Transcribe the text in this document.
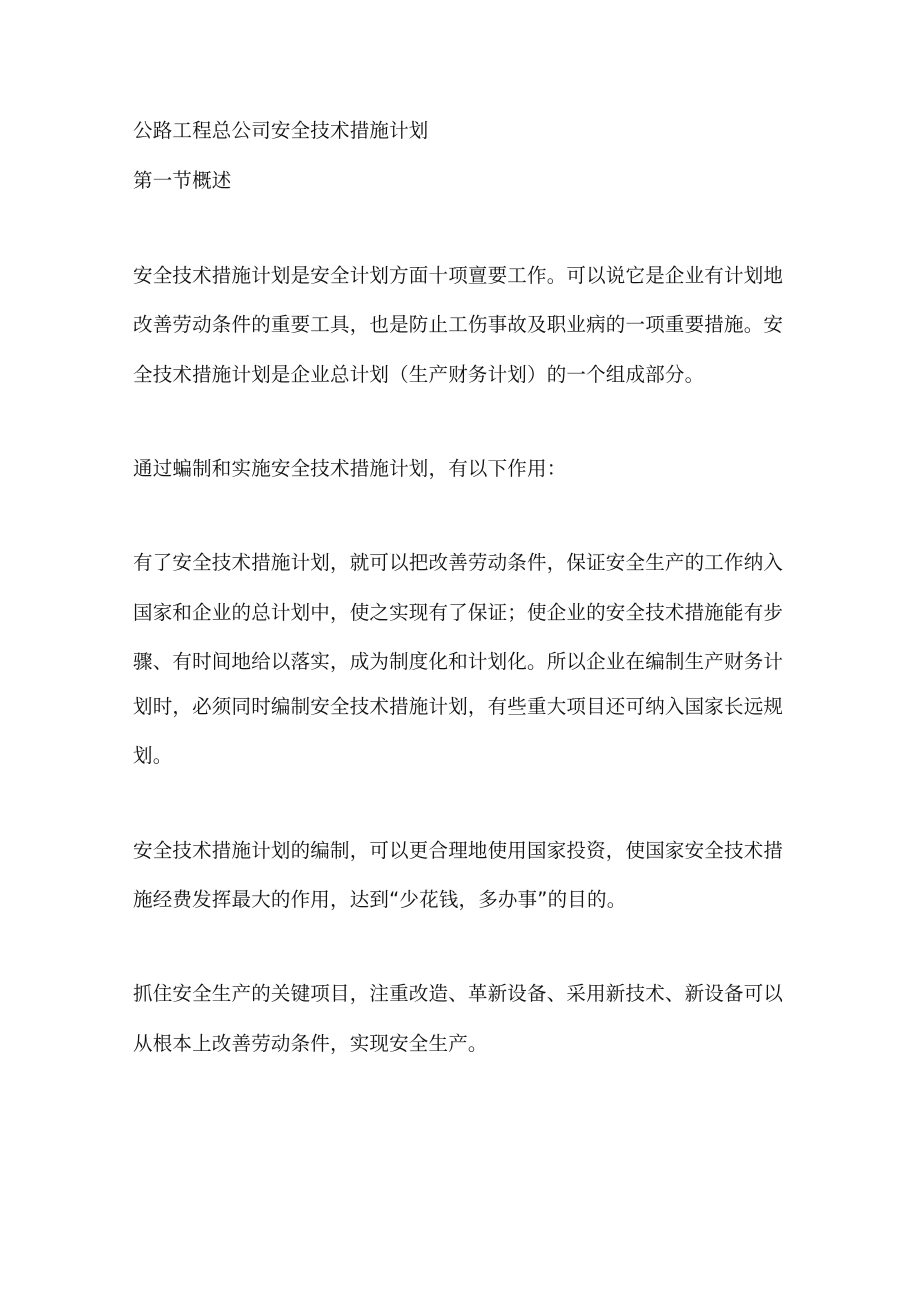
公路工程总公司安全技术措施计划

第一节概述

安全技术措施计划是安全计划方面十项亶要工作。可以说它是企业有计划地

改善劳动条件的重要工具，也是防止工伤事故及职业病的一项重要措施。安

全技术措施计划是企业总计划（生产财务计划）的一个组成部分。

通过蝙制和实施安全技术措施计划，有以下作用：

有了安全技术措施计划，就可以把改善劳动条件，保证安全生产的工作纳入

国家和企业的总计划中，使之实现有了保证；使企业的安全技术措施能有步

骤、有时间地给以落实，成为制度化和计划化。所以企业在编制生产财务计

划时，必须同时编制安全技术措施计划，有些重大项目还可纳入国家长远规

划。

安全技术措施计划的编制，可以更合理地使用国家投资，使国家安全技术措

施经费发挥最大的作用，达到“少花钱，多办事”的目的。

抓住安全生产的关键项目，注重改造、革新设备、采用新技术、新设备可以

从根本上改善劳动条件，实现安全生产。
